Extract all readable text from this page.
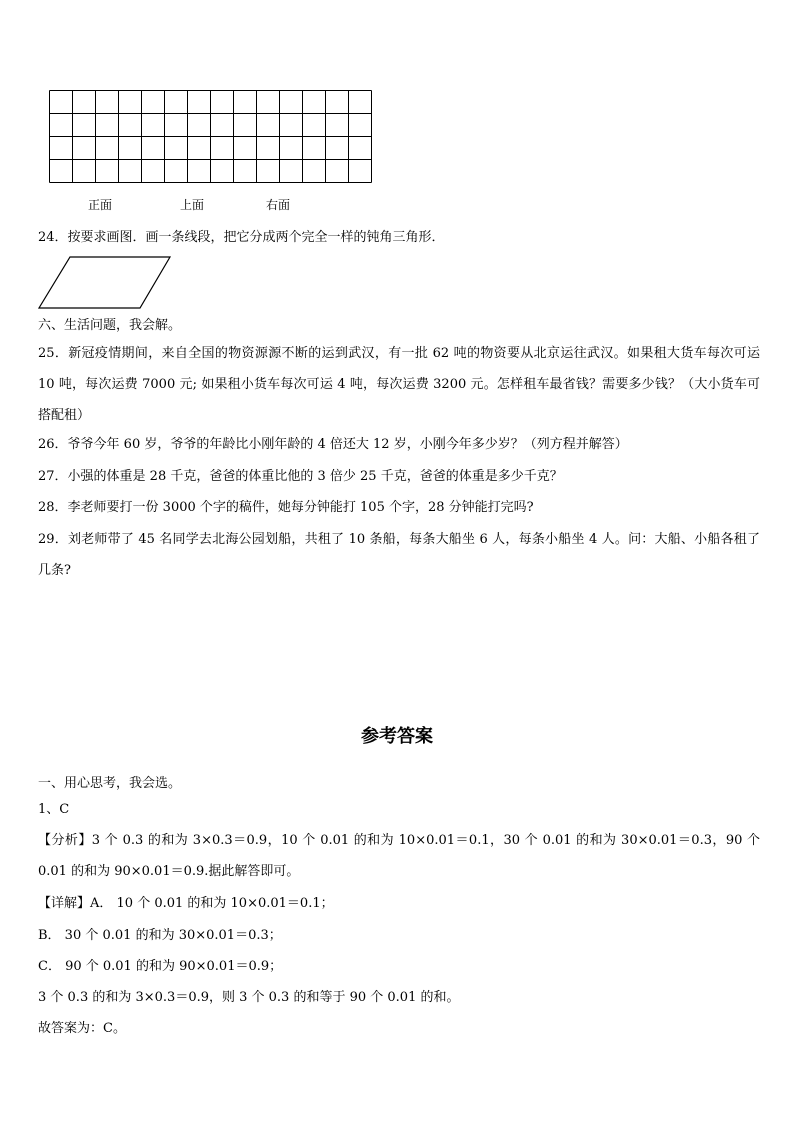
正面	上面	右面
24．按要求画图．画一条线段，把它分成两个完全一样的钝角三角形．
六、生活问题，我会解。
25．新冠疫情期间，来自全国的物资源源不断的运到武汉，有一批 62 吨的物资要从北京运往武汉。如果租大货车每次可运 10 吨，每次运费 7000 元; 如果租小货车每次可运 4 吨，每次运费 3200 元。怎样租车最省钱？需要多少钱？（大小货车可搭配租）
26．爷爷今年 60 岁，爷爷的年龄比小刚年龄的 4 倍还大 12 岁，小刚今年多少岁？（列方程并解答）
27．小强的体重是 28 千克，爸爸的体重比他的 3 倍少 25 千克，爸爸的体重是多少千克？
28．李老师要打一份 3000 个字的稿件，她每分钟能打 105 个字，28 分钟能打完吗?
29．刘老师带了 45 名同学去北海公园划船，共租了 10 条船，每条大船坐 6 人，每条小船坐 4 人。问：大船、小船各租了几条?
参考答案
一、用心思考，我会选。
1、C
【分析】3 个 0.3 的和为 3×0.3＝0.9，10 个 0.01 的和为 10×0.01＝0.1，30 个 0.01 的和为 30×0.01＝0.3，90 个 0.01 的和为 90×0.01＝0.9.据此解答即可。
【详解】A． 10 个 0.01 的和为 10×0.01＝0.1；
B． 30 个 0.01 的和为 30×0.01＝0.3；
C． 90 个 0.01 的和为 90×0.01＝0.9；
3 个 0.3 的和为 3×0.3＝0.9，则 3 个 0.3 的和等于 90 个 0.01 的和。
故答案为：C。
